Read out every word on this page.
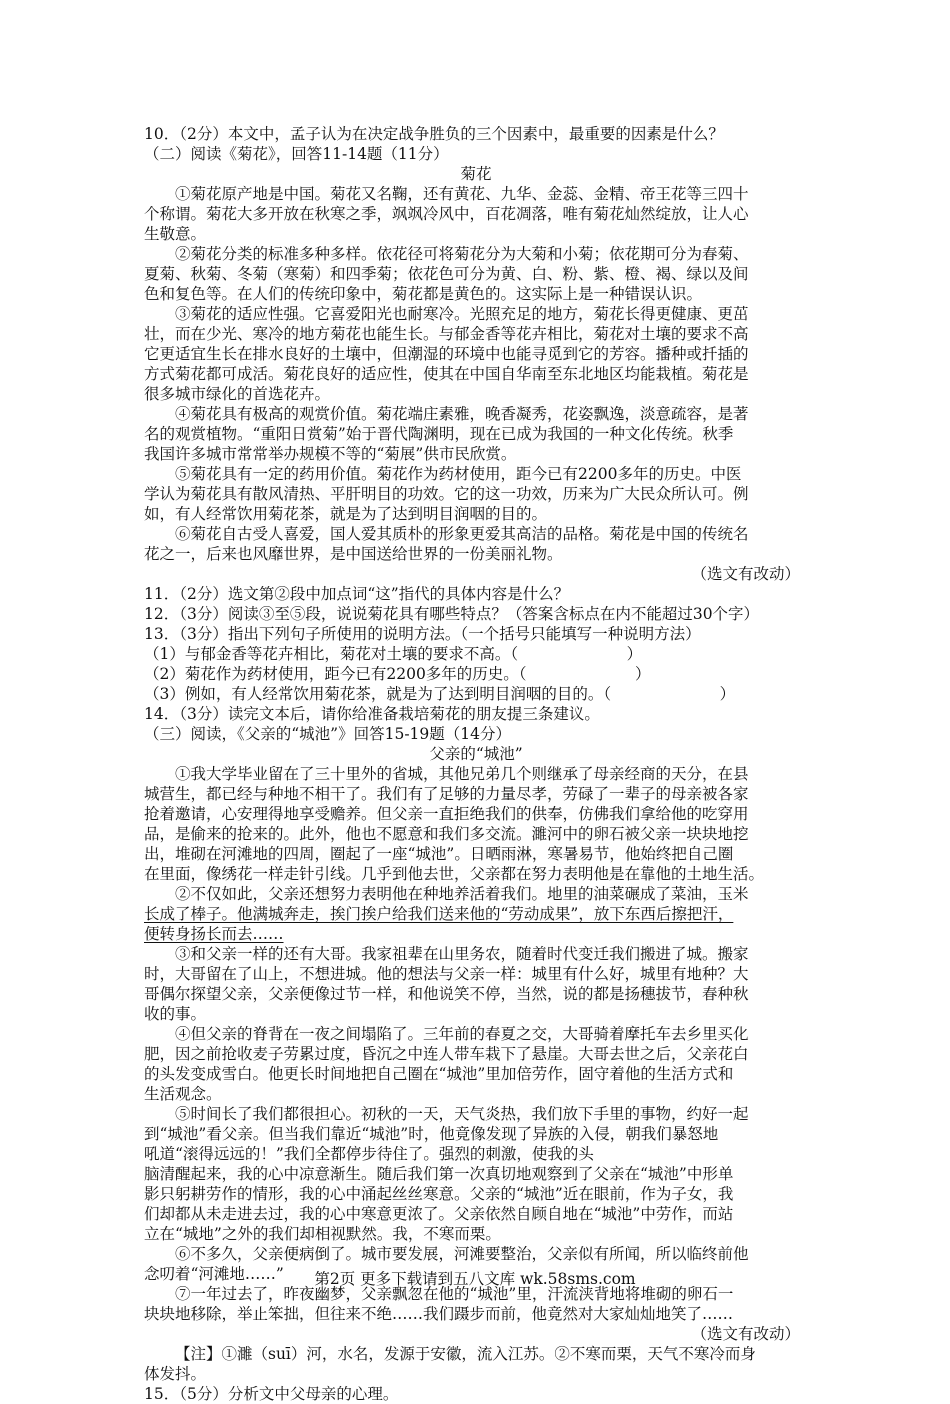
10．（2分）本文中，孟子认为在决定战争胜负的三个因素中，最重要的因素是什么？
（二）阅读《菊花》，回答11-14题（11分）
菊花
①菊花原产地是中国。菊花又名鞠，还有黄花、九华、金蕊、金精、帝王花等三四十
个称谓。菊花大多开放在秋寒之季，飒飒冷风中，百花凋落，唯有菊花灿然绽放，让人心
生敬意。
②菊花分类的标准多种多样。依花径可将菊花分为大菊和小菊；依花期可分为春菊、
夏菊、秋菊、冬菊（寒菊）和四季菊；依花色可分为黄、白、粉、紫、橙、褐、绿以及间
色和复色等。在人们的传统印象中，菊花都是黄色的。这实际上是一种错误认识。
③菊花的适应性强。它喜爱阳光也耐寒冷。光照充足的地方，菊花长得更健康、更茁
壮，而在少光、寒冷的地方菊花也能生长。与郁金香等花卉相比，菊花对土壤的要求不高
它更适宜生长在排水良好的土壤中，但潮湿的环境中也能寻觅到它的芳容。播种或扦插的
方式菊花都可成活。菊花良好的适应性，使其在中国自华南至东北地区均能栽植。菊花是
很多城市绿化的首选花卉。
④菊花具有极高的观赏价值。菊花端庄素雅，晚香凝秀，花姿飘逸，淡意疏容，是著
名的观赏植物。“重阳日赏菊”始于晋代陶渊明，现在已成为我国的一种文化传统。秋季
我国许多城市常常举办规模不等的“菊展”供市民欣赏。
⑤菊花具有一定的药用价值。菊花作为药材使用，距今已有2200多年的历史。中医
学认为菊花具有散风清热、平肝明目的功效。它的这一功效，历来为广大民众所认可。例
如，有人经常饮用菊花茶，就是为了达到明目润咽的目的。
⑥菊花自古受人喜爱，国人爱其质朴的形象更爱其高洁的品格。菊花是中国的传统名
花之一，后来也风靡世界，是中国送给世界的一份美丽礼物。
（选文有改动）
11．（2分）选文第②段中加点词“这”指代的具体内容是什么？
12．（3分）阅读③至⑤段，说说菊花具有哪些特点？（答案含标点在内不能超过30个字）
13．（3分）指出下列句子所使用的说明方法。（一个括号只能填写一种说明方法）
（1）与郁金香等花卉相比，菊花对土壤的要求不高。（　　　　　　　）
（2）菊花作为药材使用，距今已有2200多年的历史。（　　　　　　　）
（3）例如，有人经常饮用菊花茶，就是为了达到明目润咽的目的。（　　　　　　　）
14．（3分）读完文本后，请你给准备栽培菊花的朋友提三条建议。
（三）阅读，《父亲的“城池”》回答15-19题（14分）
父亲的“城池”
①我大学毕业留在了三十里外的省城，其他兄弟几个则继承了母亲经商的天分，在县
城营生，都已经与种地不相干了。我们有了足够的力量尽孝，劳碌了一辈子的母亲被各家
抢着邀请，心安理得地享受赡养。但父亲一直拒绝我们的供奉，仿佛我们拿给他的吃穿用
品，是偷来的抢来的。此外，他也不愿意和我们多交流。濉河中的卵石被父亲一块块地挖
出，堆砌在河滩地的四周，圈起了一座“城池”。日晒雨淋，寒暑易节，他始终把自己圈
在里面，像绣花一样走针引线。几乎到他去世，父亲都在努力表明他是在靠他的土地生活。
②不仅如此，父亲还想努力表明他在种地养活着我们。地里的油菜碾成了菜油，玉米
长成了棒子。他满城奔走，挨门挨户给我们送来他的“劳动成果”，放下东西后擦把汗，
便转身扬长而去……
③和父亲一样的还有大哥。我家祖辈在山里务农，随着时代变迁我们搬进了城。搬家
时，大哥留在了山上，不想进城。他的想法与父亲一样：城里有什么好，城里有地种？大
哥偶尔探望父亲，父亲便像过节一样，和他说笑不停，当然，说的都是扬穗拔节，春种秋
收的事。
④但父亲的脊背在一夜之间塌陷了。三年前的春夏之交，大哥骑着摩托车去乡里买化
肥，因之前抢收麦子劳累过度，昏沉之中连人带车栽下了悬崖。大哥去世之后，父亲花白
的头发变成雪白。他更长时间地把自己圈在“城池”里加倍劳作，固守着他的生活方式和
生活观念。
⑤时间长了我们都很担心。初秋的一天，天气炎热，我们放下手里的事物，约好一起
到“城池”看父亲。但当我们靠近“城池”时，他竟像发现了异族的入侵，朝我们暴怒地
吼道“滚得远远的！”我们全都停步待住了。强烈的刺激，使我的头
脑清醒起来，我的心中凉意渐生。随后我们第一次真切地观察到了父亲在“城池”中形单
影只躬耕劳作的情形，我的心中涌起丝丝寒意。父亲的“城池”近在眼前，作为子女，我
们却都从未走进去过，我的心中寒意更浓了。父亲依然自顾自地在“城池”中劳作，而站
立在“城地”之外的我们却相视默然。我，不寒而栗。
⑥不多久，父亲便病倒了。城市要发展，河滩要整治，父亲似有所闻，所以临终前他
念叨着“河滩地……”
⑦一年过去了，昨夜幽梦，父亲飘忽在他的“城池”里，汗流浃背地将堆砌的卵石一
块块地移除，举止笨拙，但往来不绝……我们蹑步而前，他竟然对大家灿灿地笑了……
（选文有改动）
【注】①濉（suī）河，水名，发源于安徽，流入江苏。②不寒而栗，天气不寒冷而身
体发抖。
15．（5分）分析文中父母亲的心理。
第2页 更多下载请到五八文库 wk.58sms.com
